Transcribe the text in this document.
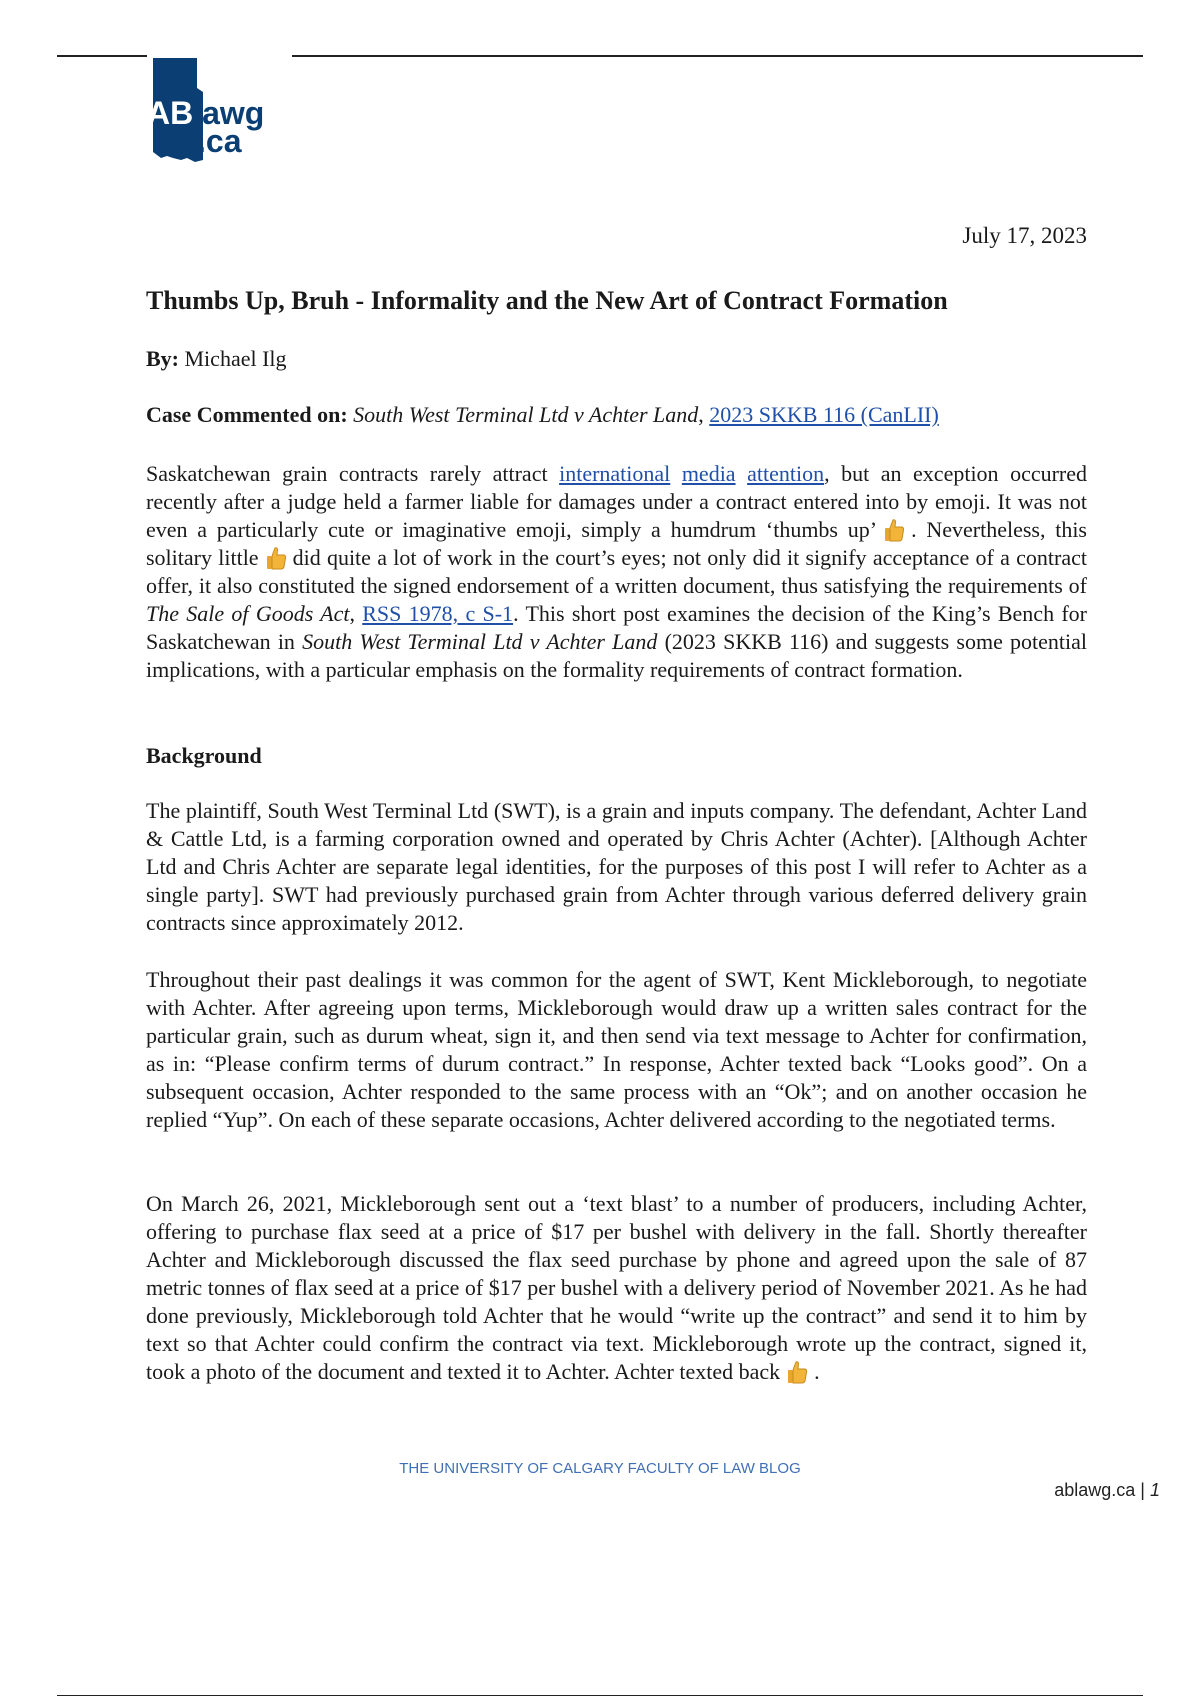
ABlawg
.ca
July 17, 2023
Thumbs Up, Bruh - Informality and the New Art of Contract Formation
By: Michael Ilg
Case Commented on: South West Terminal Ltd v Achter Land, 2023 SKKB 116 (CanLII)

Saskatchewan grain contracts rarely attract international media attention, but an exception occurred recently after a judge held a farmer liable for damages under a contract entered into by emoji. It was not even a particularly cute or imaginative emoji, simply a humdrum ‘thumbs up’ . Nevertheless, this solitary little did quite a lot of work in the court’s eyes; not only did it signify acceptance of a contract offer, it also constituted the signed endorsement of a written document, thus satisfying the requirements of The Sale of Goods Act, RSS 1978, c S-1. This short post examines the decision of the King’s Bench for Saskatchewan in South West Terminal Ltd v Achter Land (2023 SKKB 116) and suggests some potential implications, with a particular emphasis on the formality requirements of contract formation.

Background

The plaintiff, South West Terminal Ltd (SWT), is a grain and inputs company. The defendant, Achter Land & Cattle Ltd, is a farming corporation owned and operated by Chris Achter (Achter). [Although Achter Ltd and Chris Achter are separate legal identities, for the purposes of this post I will refer to Achter as a single party]. SWT had previously purchased grain from Achter through various deferred delivery grain contracts since approximately 2012.

Throughout their past dealings it was common for the agent of SWT, Kent Mickleborough, to negotiate with Achter. After agreeing upon terms, Mickleborough would draw up a written sales contract for the particular grain, such as durum wheat, sign it, and then send via text message to Achter for confirmation, as in: “Please confirm terms of durum contract.” In response, Achter texted back “Looks good”. On a subsequent occasion, Achter responded to the same process with an “Ok”; and on another occasion he replied “Yup”. On each of these separate occasions, Achter delivered according to the negotiated terms.

On March 26, 2021, Mickleborough sent out a ‘text blast’ to a number of producers, including Achter, offering to purchase flax seed at a price of $17 per bushel with delivery in the fall. Shortly thereafter Achter and Mickleborough discussed the flax seed purchase by phone and agreed upon the sale of 87 metric tonnes of flax seed at a price of $17 per bushel with a delivery period of November 2021. As he had done previously, Mickleborough told Achter that he would “write up the contract” and send it to him by text so that Achter could confirm the contract via text. Mickleborough wrote up the contract, signed it, took a photo of the document and texted it to Achter. Achter texted back .

THE UNIVERSITY OF CALGARY FACULTY OF LAW BLOG
ablawg.ca | 1
